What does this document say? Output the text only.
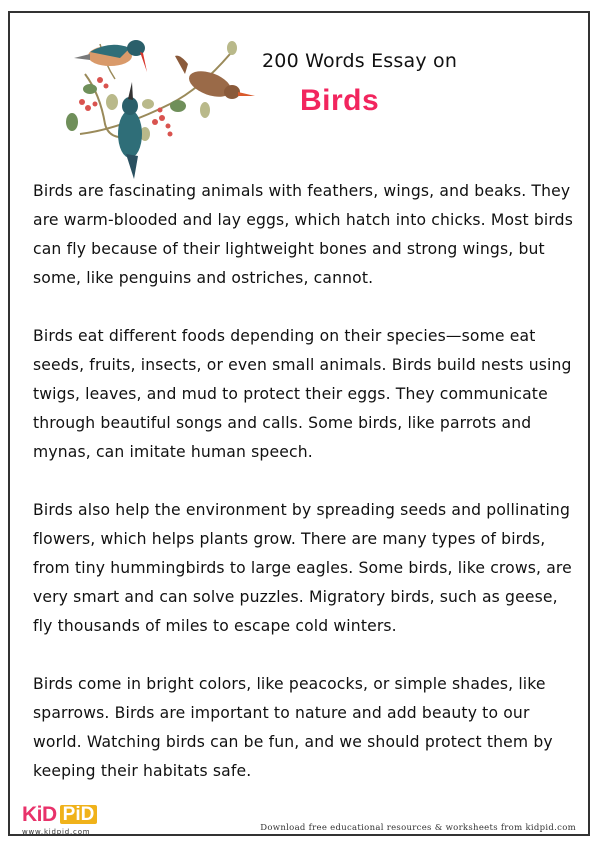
200 Words Essay on
Birds

Birds are fascinating animals with feathers, wings, and beaks. They are warm-blooded and lay eggs, which hatch into chicks. Most birds can fly because of their lightweight bones and strong wings, but some, like penguins and ostriches, cannot.

Birds eat different foods depending on their species—some eat seeds, fruits, insects, or even small animals. Birds build nests using twigs, leaves, and mud to protect their eggs. They communicate through beautiful songs and calls. Some birds, like parrots and mynas, can imitate human speech.

Birds also help the environment by spreading seeds and pollinating flowers, which helps plants grow. There are many types of birds, from tiny hummingbirds to large eagles. Some birds, like crows, are very smart and can solve puzzles. Migratory birds, such as geese, fly thousands of miles to escape cold winters.

Birds come in bright colors, like peacocks, or simple shades, like sparrows. Birds are important to nature and add beauty to our world. Watching birds can be fun, and we should protect them by keeping their habitats safe.

KiD PiD
www.kidpid.com	Download free educational resources & worksheets from kidpid.com
